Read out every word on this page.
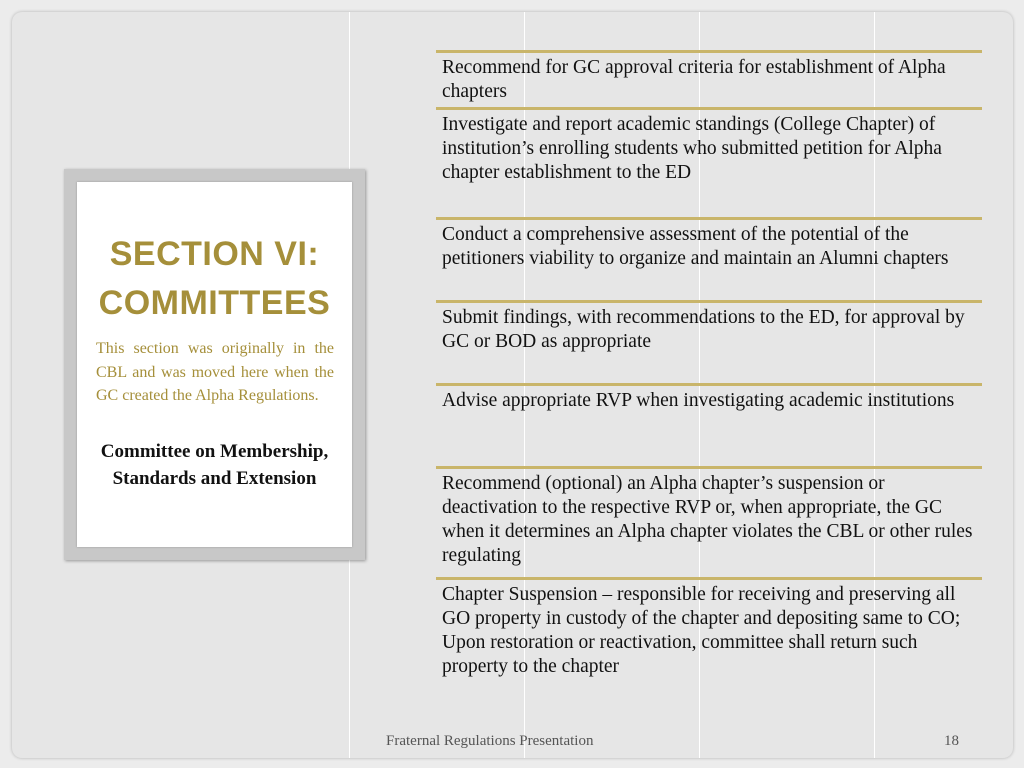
SECTION VI: COMMITTEES

This section was originally in the CBL and was moved here when the GC created the Alpha Regulations.

Committee on Membership, Standards and Extension

Recommend for GC approval criteria for establishment of Alpha chapters
Investigate and report academic standings (College Chapter) of institution’s enrolling students who submitted petition for Alpha chapter establishment to the ED
Conduct a comprehensive assessment of the potential of the petitioners viability to organize and maintain an Alumni chapters
Submit findings, with recommendations to the ED, for approval by GC or BOD as appropriate
Advise appropriate RVP when investigating academic institutions
Recommend (optional) an Alpha chapter’s suspension or deactivation to the respective RVP or, when appropriate, the GC when it determines an Alpha chapter violates the CBL or other rules regulating
Chapter Suspension – responsible for receiving and preserving all GO property in custody of the chapter and depositing same to CO;
Upon restoration or reactivation, committee shall return such property to the chapter
Fraternal Regulations Presentation	18
